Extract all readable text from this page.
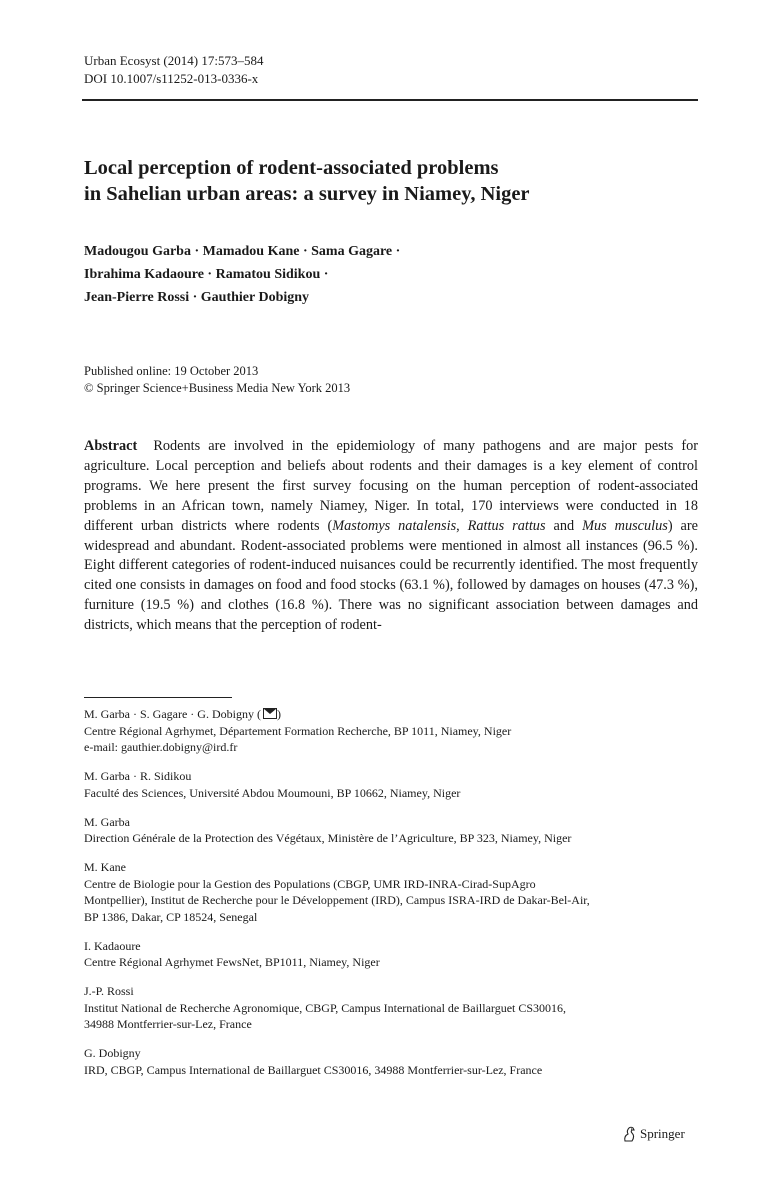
Urban Ecosyst (2014) 17:573–584
DOI 10.1007/s11252-013-0336-x
Local perception of rodent-associated problems
in Sahelian urban areas: a survey in Niamey, Niger
Madougou Garba · Mamadou Kane · Sama Gagare ·
Ibrahima Kadaoure · Ramatou Sidikou ·
Jean-Pierre Rossi · Gauthier Dobigny
Published online: 19 October 2013
© Springer Science+Business Media New York 2013
Abstract Rodents are involved in the epidemiology of many pathogens and are major pests for agriculture. Local perception and beliefs about rodents and their damages is a key element of control programs. We here present the first survey focusing on the human perception of rodent-associated problems in an African town, namely Niamey, Niger. In total, 170 interviews were conducted in 18 different urban districts where rodents (Mastomys natalensis, Rattus rattus and Mus musculus) are widespread and abundant. Rodent-associated problems were mentioned in almost all instances (96.5 %). Eight different categories of rodent-induced nuisances could be recurrently identified. The most frequently cited one consists in damages on food and food stocks (63.1 %), followed by damages on houses (47.3 %), furniture (19.5 %) and clothes (16.8 %). There was no significant association between damages and districts, which means that the perception of rodent-
M. Garba · S. Gagare · G. Dobigny ( )
Centre Régional Agrhymet, Département Formation Recherche, BP 1011, Niamey, Niger
e-mail: gauthier.dobigny@ird.fr
M. Garba · R. Sidikou
Faculté des Sciences, Université Abdou Moumouni, BP 10662, Niamey, Niger
M. Garba
Direction Générale de la Protection des Végétaux, Ministère de l’Agriculture, BP 323, Niamey, Niger
M. Kane
Centre de Biologie pour la Gestion des Populations (CBGP, UMR IRD-INRA-Cirad-SupAgro
Montpellier), Institut de Recherche pour le Développement (IRD), Campus ISRA-IRD de Dakar-Bel-Air,
BP 1386, Dakar, CP 18524, Senegal
I. Kadaoure
Centre Régional Agrhymet FewsNet, BP1011, Niamey, Niger
J.-P. Rossi
Institut National de Recherche Agronomique, CBGP, Campus International de Baillarguet CS30016,
34988 Montferrier-sur-Lez, France
G. Dobigny
IRD, CBGP, Campus International de Baillarguet CS30016, 34988 Montferrier-sur-Lez, France
Springer
